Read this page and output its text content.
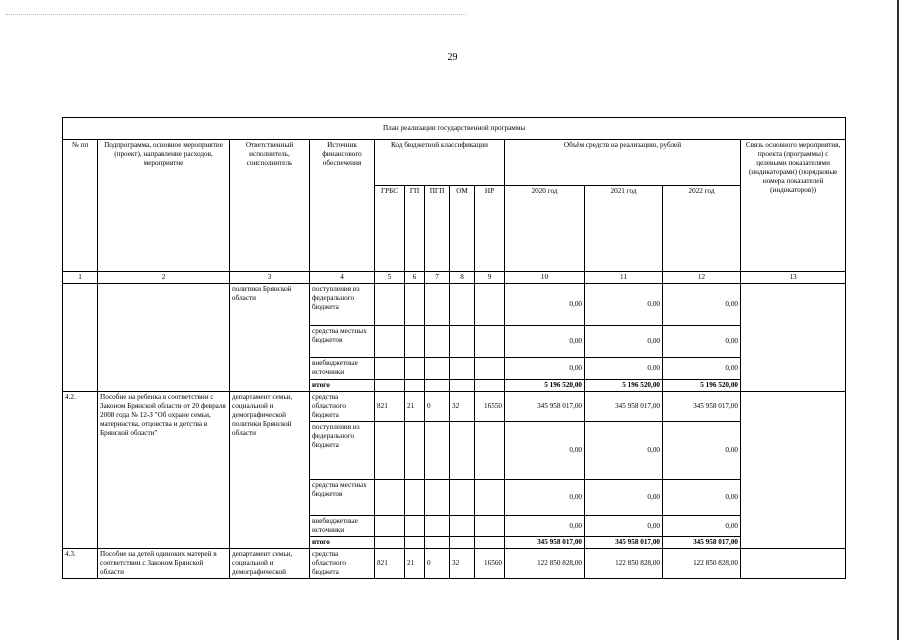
29
План реализации государственной программы												
№ пп	Подпрограмма, основное мероприятие (проект), направление расходов, мероприятие	Ответственный исполнитель, соисполнитель	Источник финансового обеспечения	Код бюджетной классификации					Объём средств на реализацию, рублей			Связь основного мероприятия, проекта (программы) с целевыми показателями (индикаторами) (порядковые номера показателей (индикаторов))
				ГРБС	ГП	ПГП	ОМ	НР	2020 год	2021 год	2022 год	
1	2	3	4	5	6	7	8	9	10	11	12	13
		политики Брянской области	поступления из федерального бюджета						0,00	0,00	0,00	
			средства местных бюджетов						0,00	0,00	0,00	
			внебюджетные источники						0,00	0,00	0,00	
			итого						5 196 520,00	5 196 520,00	5 196 520,00	
4.2.	Пособие на ребенка в соответствии с Законом Брянской области от 20 февраля 2008 года № 12-З "Об охране семьи, материнства, отцовства и детства в Брянской области"	департамент семьи, социальной и демографической политики Брянской области	средства областного бюджета	821	21	0	32	16550	345 958 017,00	345 958 017,00	345 958 017,00	
			поступления из федерального бюджета						0,00	0,00	0,00	
			средства местных бюджетов						0,00	0,00	0,00	
			внебюджетные источники						0,00	0,00	0,00	
			итого						345 958 017,00	345 958 017,00	345 958 017,00	
4.3.	Пособие на детей одиноких матерей в соответствии с Законом Брянской области	департамент семьи, социальной и демографической	средства областного бюджета	821	21	0	32	16560	122 850 828,00	122 850 828,00	122 850 828,00	
